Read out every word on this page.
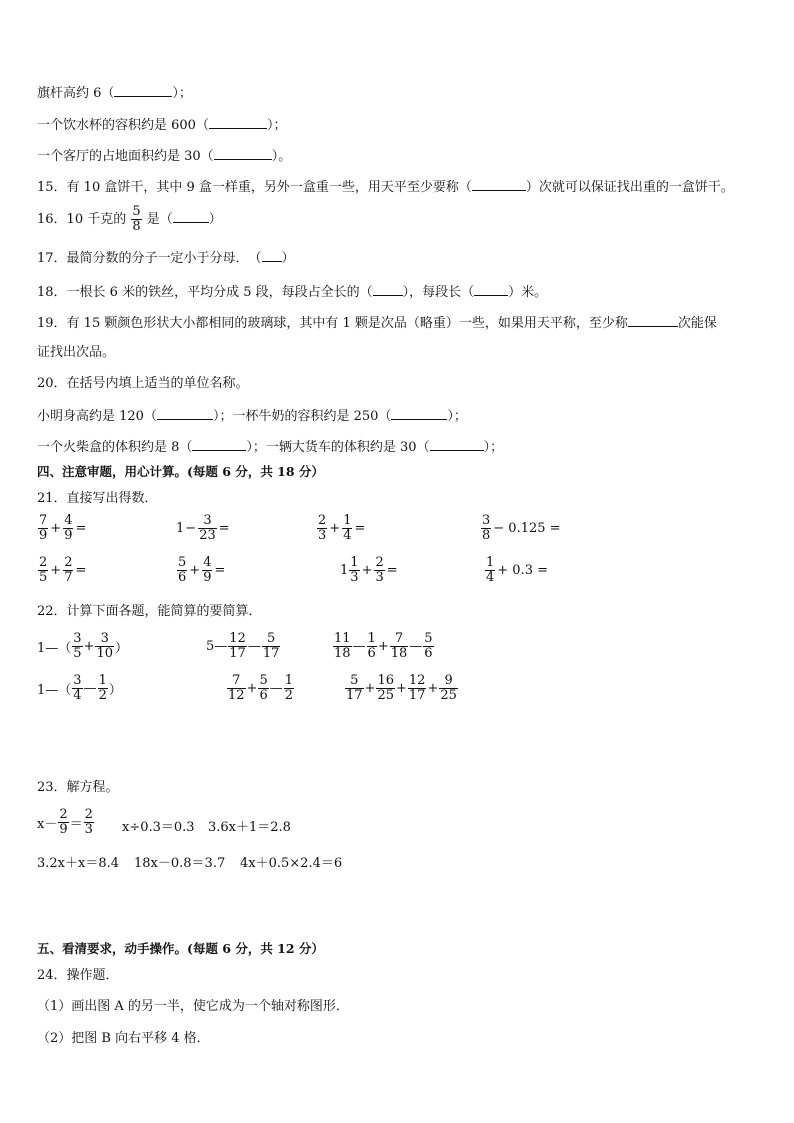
旗杆高约 6（	）；
一个饮水杯的容积约是 600（	）；
一个客厅的占地面积约是 30（	）。
15．有 10 盒饼干，其中 9 盒一样重，另外一盒重一些，用天平至少要称（	）次就可以保证找出重的一盒饼干。
16．10 千克的 $\frac{5}{8}$ 是（	）
17．最简分数的分子一定小于分母．　（ ）
18．一根长 6 米的铁丝，平均分成 5 段，每段占全长的（ ），每段长（	）米。
19．有 15 颗颜色形状大小都相同的玻璃球，其中有 1 颗是次品（略重）一些，如果用天平称，至少称	次能保
证找出次品。
20．在括号内填上适当的单位名称。
小明身高约是 120（	）；一杯牛奶的容积约是 250（	）；
一个火柴盒的体积约是 8（	）；一辆大货车的体积约是 30（	）；
四、注意审题，用心计算。(每题 6 分，共 18 分）
21．直接写出得数．
$\frac{7}{9} + \frac{4}{9}$ =	$1 - \frac{3}{23}$ =	$\frac{2}{3} + \frac{1}{4}$ =	$\frac{3}{8} - 0.125$ =
$\frac{2}{5} + \frac{2}{7}$ =	$\frac{5}{6} + \frac{4}{9}$ =	$1 \frac{1}{3} + \frac{2}{3}$ =	$\frac{1}{4} + 0.3$ =
22．计算下面各题，能简算的要简算．
1—（ $\frac{3}{5} + \frac{3}{10}$ ）	5— $\frac{12}{17}$ — $\frac{5}{17}$	$\frac{11}{18}$ — $\frac{1}{6} + \frac{7}{18}$ — $\frac{5}{6}$
1—（ $\frac{3}{4}$ — $\frac{1}{2}$ ）	$\frac{7}{12} + \frac{5}{6}$ — $\frac{1}{2}$	$\frac{5}{17} + \frac{16}{25} + \frac{12}{17} + \frac{9}{25}$
23．解方程。
$x- \frac{2}{9} = \frac{2}{3} x\div 0.3=0.3$ 3.6x＋1＝2.8
3.2x＋x＝8.4 18x－0.8＝3.7 4x＋0.5×2.4＝6
五、看清要求，动手操作。(每题 6 分，共 12 分）
24．操作题．
（1）画出图 A 的另一半，使它成为一个轴对称图形．
（2）把图 B 向右平移 4 格．
